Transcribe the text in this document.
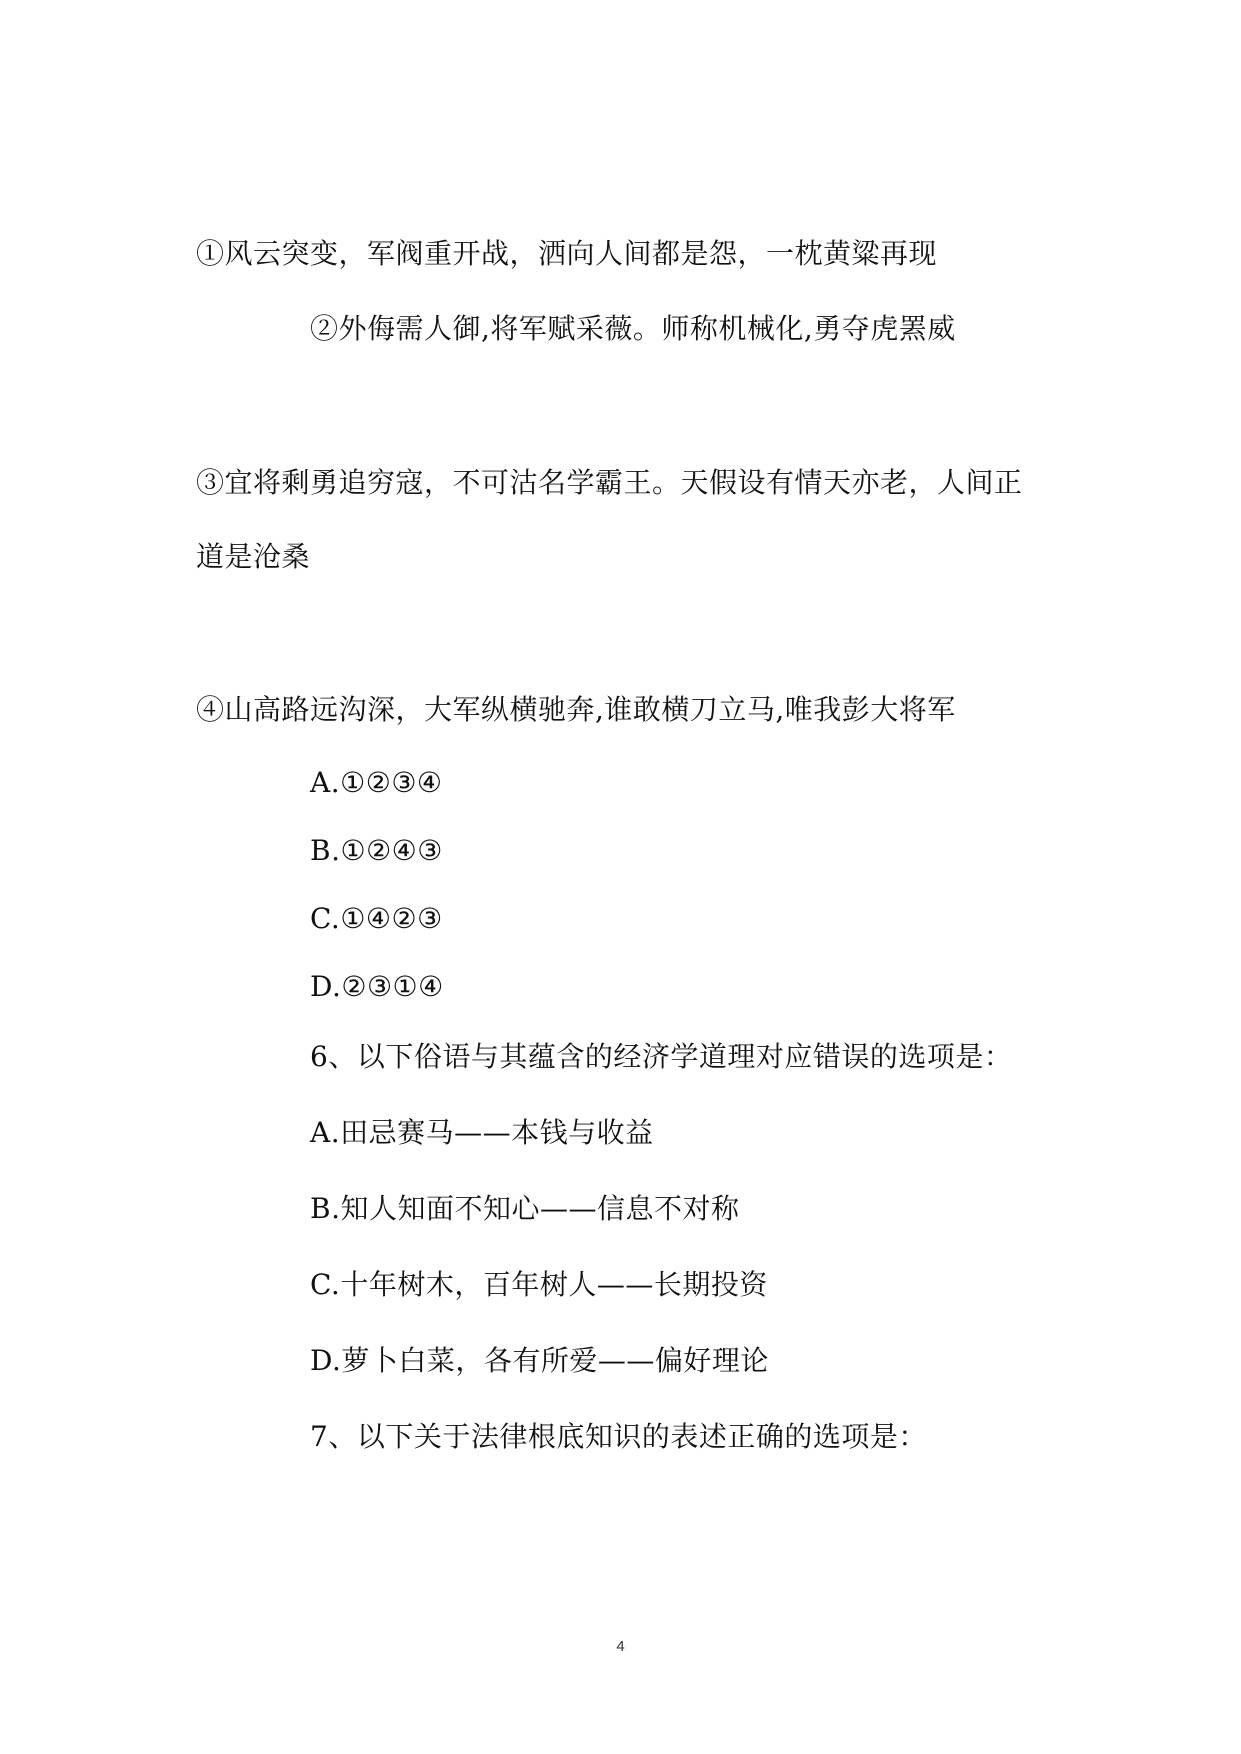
①风云突变，军阀重开战，洒向人间都是怨，一枕黄粱再现
②外侮需人御,将军赋采薇。师称机械化,勇夺虎罴威
③宜将剩勇追穷寇，不可沽名学霸王。天假设有情天亦老，人间正
道是沧桑
④山高路远沟深，大军纵横驰奔,谁敢横刀立马,唯我彭大将军
A.①②③④
B.①②④③
C.①④②③
D.②③①④
6、以下俗语与其蕴含的经济学道理对应错误的选项是：
A.田忌赛马——本钱与收益
B.知人知面不知心——信息不对称
C.十年树木，百年树人——长期投资
D.萝卜白菜，各有所爱——偏好理论
7、以下关于法律根底知识的表述正确的选项是：
4
